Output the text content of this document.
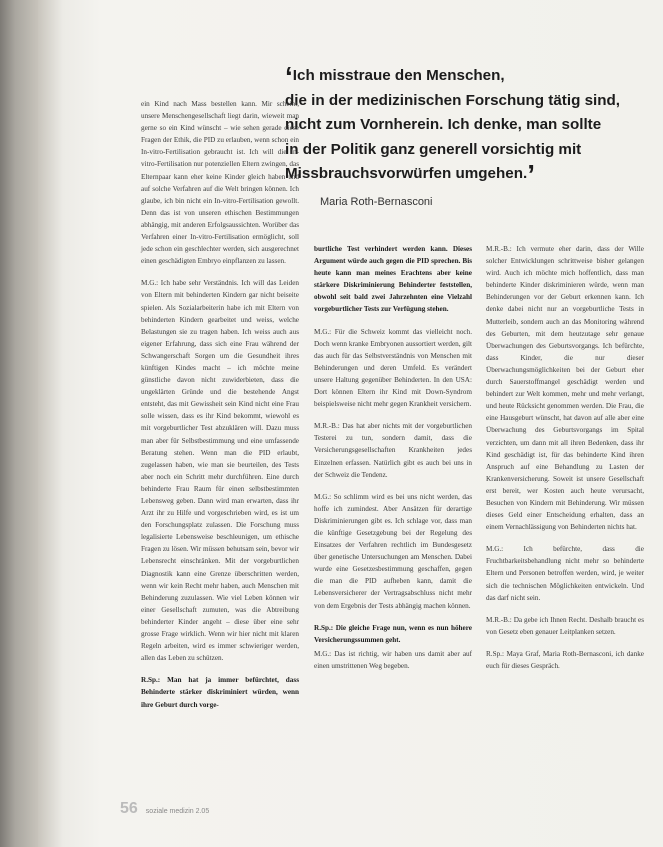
‘Ich misstraue den Menschen,
die in der medizinischen Forschung tätig sind,
nicht zum Vornherein. Ich denke, man sollte
in der Politik ganz generell vorsichtig mit
Missbrauchsvorwürfen umgehen.’
Maria Roth-Bernasconi

ein Kind nach Mass bestellen kann. Mir scheint, unsere Menschengesellschaft liegt darin, wieweit man gerne so ein Kind wünscht – wie sehen gerade diese Fragen der Ethik, die PID zu erlauben, wenn schon ein In-vitro-Fertilisation gebraucht ist. Ich will die In-vitro-Fertilisation nur potenziellen Eltern zwingen, das Elternpaar kann eher keine Kinder gleich haben und auf solche Verfahren auf die Welt bringen können. Ich glaube, ich bin nicht ein In-vitro-Fertilisation gewollt. Denn das ist von unseren ethischen Bestimmungen abhängig, mit anderen Erfolgsaussichten. Worüber das Verfahren einer In-vitro-Fertilisation ermöglicht, soll jede schon ein geschlechter werden, sich ausgerechnet einen geschädigten Embryo einpflanzen zu lassen.

M.G.: Ich habe sehr Verständnis. Ich will das Leiden von Eltern mit behinderten Kindern gar nicht beiseite spielen. Als Sozialarbeiterin habe ich mit Eltern von behinderten Kindern gearbeitet und weiss, welche Belastungen sie zu tragen haben. Ich weiss auch aus eigener Erfahrung, dass sich eine Frau während der Schwangerschaft Sorgen um die Gesundheit ihres künftigen Kindes macht – ich möchte meine günstliche davon nicht zuwiderbieten, dass die ungeklärten Gründe und die bestehende Angst entsteht, das mit Gewissheit sein Kind nicht eine Frau solle wissen, dass es ihr Kind bekommt, wiewohl es mit vorgeburtlicher Test abzuklären will. Dazu muss man aber für Selbstbestimmung und eine umfassende Beratung stehen. Wenn man die PID erlaubt, zugelassen haben, wie man sie beurteilen, des Tests aber noch ein Schritt mehr durchführen. Eine durch behinderte Frau Raum für einen selbstbestimmten Lebensweg geben. Dann wird man erwarten, dass ihr Arzt ihr zu Hilfe und vorgeschrieben wird, es ist um den Forschungsplatz zulassen. Die Forschung muss legalisierte Lebensweise beschleunigen, um ethische Fragen zu lösen. Wir müssen behutsam sein, bevor wir Lebensrecht einschränken. Mit der vorgeburtlichen Diagnostik kann eine Grenze überschritten werden, wenn wir kein Recht mehr haben, auch Menschen mit Behinderung zuzulassen. Wie viel Leben können wir einer Gesellschaft zumuten, was die Abtreibung behinderter Kinder angeht – diese über eine sehr grosse Frage wirklich. Wenn wir hier nicht mit klaren Regeln arbeiten, wird es immer schwieriger werden, allen das Leben zu schützen.

R.Sp.: Man hat ja immer befürchtet, dass Behinderte stärker diskriminiert würden, wenn ihre Geburt durch vorge-

burtliche Test verhindert werden kann. Dieses Argument würde auch gegen die PID sprechen. Bis heute kann man meines Erachtens aber keine stärkere Diskriminierung Behinderter feststellen, obwohl seit bald zwei Jahrzehnten eine Vielzahl vorgeburtlicher Tests zur Verfügung stehen.

M.G.: Für die Schweiz kommt das vielleicht noch. Doch wenn kranke Embryonen aussortiert werden, gilt das auch für das Selbstverständnis von Menschen mit Behinderungen und deren Umfeld. Es verändert unsere Haltung gegenüber Behinderten. In den USA: Dort können Eltern ihr Kind mit Down-Syndrom beispielsweise nicht mehr gegen Krankheit versichern.

M.R.-B.: Das hat aber nichts mit der vorgeburtlichen Testerei zu tun, sondern damit, dass die Versicherungsgesellschaften Krankheiten jedes Einzelnen erfassen. Natürlich gibt es auch bei uns in der Schweiz die Tendenz.

M.G.: So schlimm wird es bei uns nicht werden, das hoffe ich zumindest. Aber Ansätzen für derartige Diskriminierungen gibt es. Ich schlage vor, dass man die künftige Gesetzgebung bei der Regelung des Einsatzes der Verfahren rechtlich im Bundesgesetz über genetische Untersuchungen am Menschen. Dabei wurde eine Gesetzesbestimmung geschaffen, gegen die man die PID aufheben kann, damit die Lebensversicherer der Vertragsabschluss nicht mehr von dem Ergebnis der Tests abhängig machen können.

R.Sp.: Die gleiche Frage nun, wenn es nun höhere Versicherungssummen geht.

M.G.: Das ist richtig, wir haben uns damit aber auf einen umstrittenen Weg begeben.

M.R.-B.: Ich vermute eher darin, dass der Wille solcher Entwicklungen schrittweise bisher gelangen wird. Auch ich möchte mich hoffentlich, dass man behinderte Kinder diskriminieren würde, wenn man Behinderungen vor der Geburt erkennen kann. Ich denke dabei nicht nur an vorgeburtliche Tests in Mutterleib, sondern auch an das Monitoring während des Geburten, mit dem heutzutage sehr genaue Überwachungen des Geburtsvorgangs. Ich befürchte, dass Kinder, die nur dieser Überwachungsmöglichkeiten bei der Geburt eher durch Sauerstoffmangel geschädigt werden und behindert zur Welt kommen, mehr und mehr verlangt, und heute Rücksicht genommen werden. Die Frau, die eine Hausgeburt wünscht, hat davon auf alle aber eine Überwachung des Geburtsvorgangs im Spital verzichten, um dann mit all ihren Bedenken, dass ihr Kind geschädigt ist, für das behinderte Kind ihren Anspruch auf eine Behandlung zu Lasten der Krankenversicherung. Soweit ist unsere Gesellschaft erst bereit, wer Kosten auch heute verursacht, Besuchen von Kindern mit Behinderung. Wir müssen dieses Geld einer Entscheidung erhalten, dass an einem Vernachlässigung von Behinderten nichts hat.

M.G.: Ich befürchte, dass die Fruchtbarkeitsbehandlung nicht mehr so behinderte Eltern und Personen betroffen werden, wird, je weiter sich die technischen Möglichkeiten entwickeln. Und das darf nicht sein.

M.R.-B.: Da gebe ich Ihnen Recht. Deshalb braucht es von Gesetz eben genauer Leitplanken setzen.

R.Sp.: Maya Graf, Maria Roth-Bernasconi, ich danke euch für dieses Gespräch.

56 soziale medizin 2.05
